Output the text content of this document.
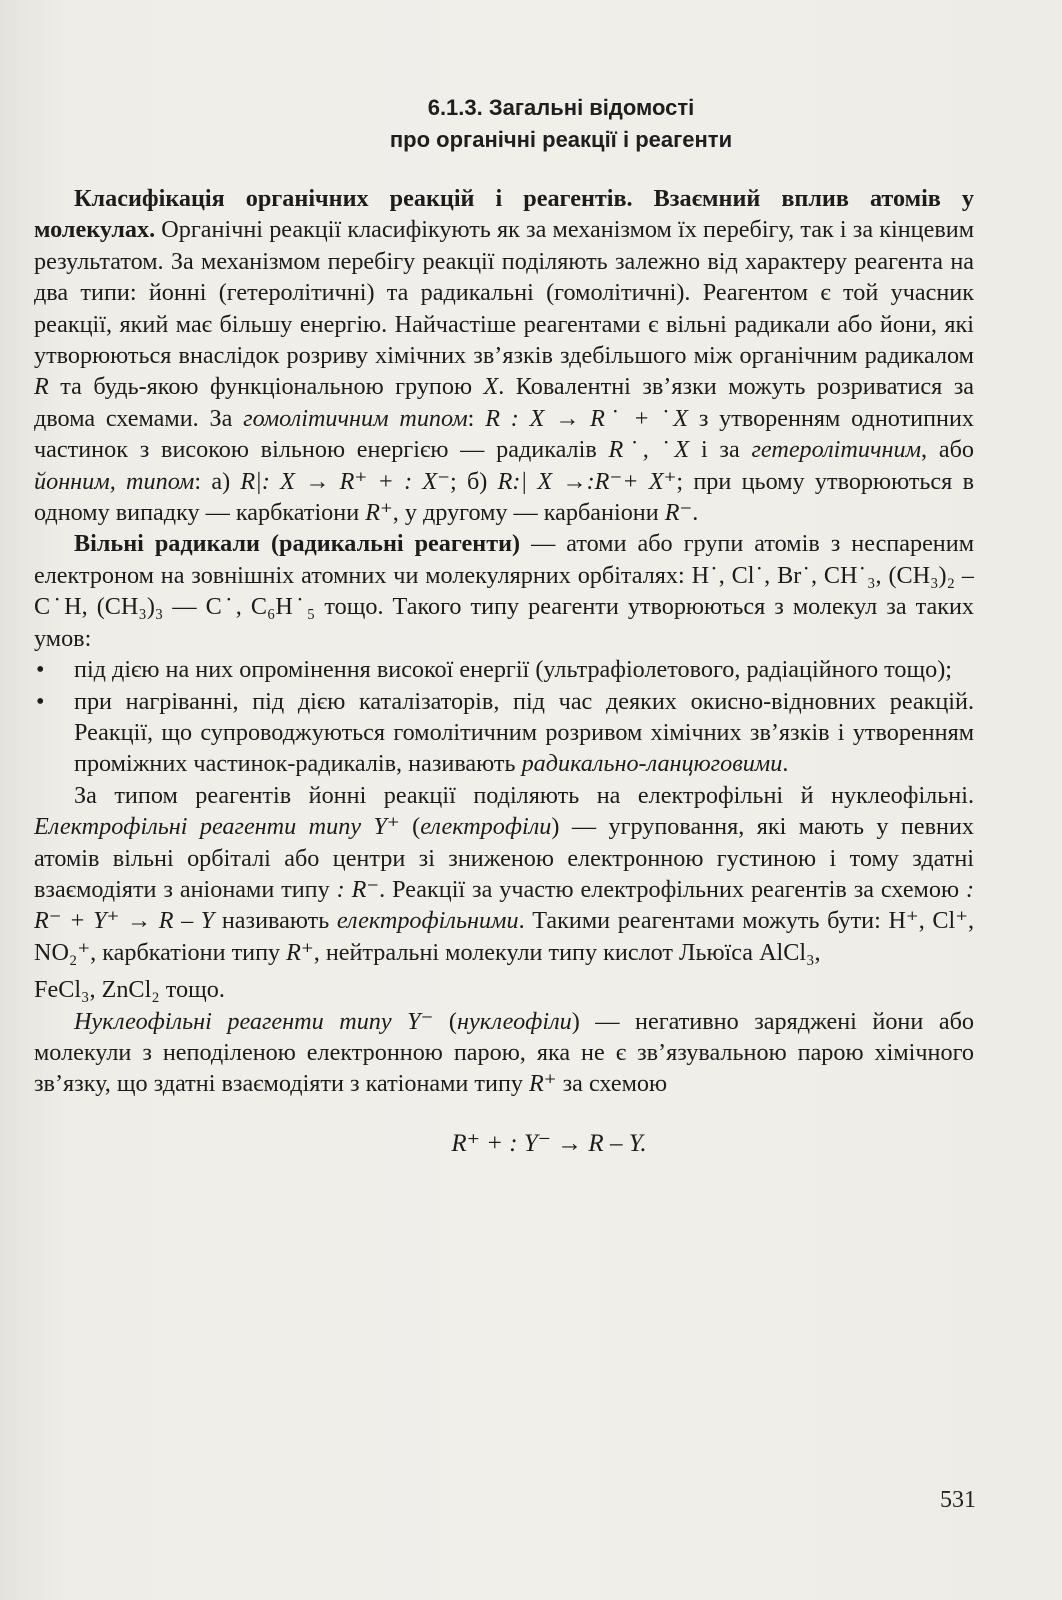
6.1.3. Загальні відомості
про органічні реакції і реагенти

Класифікація органічних реакцій і реагентів. Взаємний вплив атомів у молекулах. Органічні реакції класифікують як за механізмом їх перебігу, так і за кінцевим результатом. За механізмом перебігу реакції поділяють залежно від характеру реагента на два типи: йонні (гетеролітичні) та радикальні (гомолітичні). Реагентом є той учасник реакції, який має більшу енергію. Найчастіше реагентами є вільні радикали або йони, які утворюються внаслідок розриву хімічних зв’язків здебільшого між органічним радикалом R та будь-якою функціональною групою X. Ковалентні зв’язки можуть розриватися за двома схемами. За гомолітичним типом: R : X → R˙ + ˙X з утворенням однотипних частинок з високою вільною енергією — радикалів R˙, ˙X і за гетеролітичним, або йонним, типом: а) R|: X → R⁺ + : X⁻; б) R:| X →:R⁻+ X⁺; при цьому утворюються в одному випадку — карбкатіони R⁺, у другому — карбаніони R⁻.

Вільні радикали (радикальні реагенти) — атоми або групи атомів з неспареним електроном на зовнішніх атомних чи молекулярних орбіталях: H˙, Cl˙, Br˙, CH˙₃, (CH₃)₂ – C˙H, (CH₃)₃ — C˙, C₆H˙₅ тощо. Такого типу реагенти утворюються з молекул за таких умов:

• під дією на них опромінення високої енергії (ультрафіолетового, радіаційного тощо);
• при нагріванні, під дією каталізаторів, під час деяких окисно-відновних реакцій. Реакції, що супроводжуються гомолітичним розривом хімічних зв’язків і утворенням проміжних частинок-радикалів, називають радикально-ланцюговими.

За типом реагентів йонні реакції поділяють на електрофільні й нуклеофільні. Електрофільні реагенти типу Y⁺ (електрофіли) — угруповання, які мають у певних атомів вільні орбіталі або центри зі зниженою електронною густиною і тому здатні взаємодіяти з аніонами типу : R⁻. Реакції за участю електрофільних реагентів за схемою : R⁻ + Y⁺ → R – Y називають електрофільними. Такими реагентами можуть бути: H⁺, Cl⁺, NO₂⁺, карбкатіони типу R⁺, нейтральні молекули типу кислот Льюїса AlCl₃,

FeCl₃, ZnCl₂ тощо.

Нуклеофільні реагенти типу Y⁻ (нуклеофіли) — негативно заряджені йони або молекули з неподіленою електронною парою, яка не є зв’язувальною парою хімічного зв’язку, що здатні взаємодіяти з катіонами типу R⁺ за схемою

R⁺ + : Y⁻ → R – Y.
531
